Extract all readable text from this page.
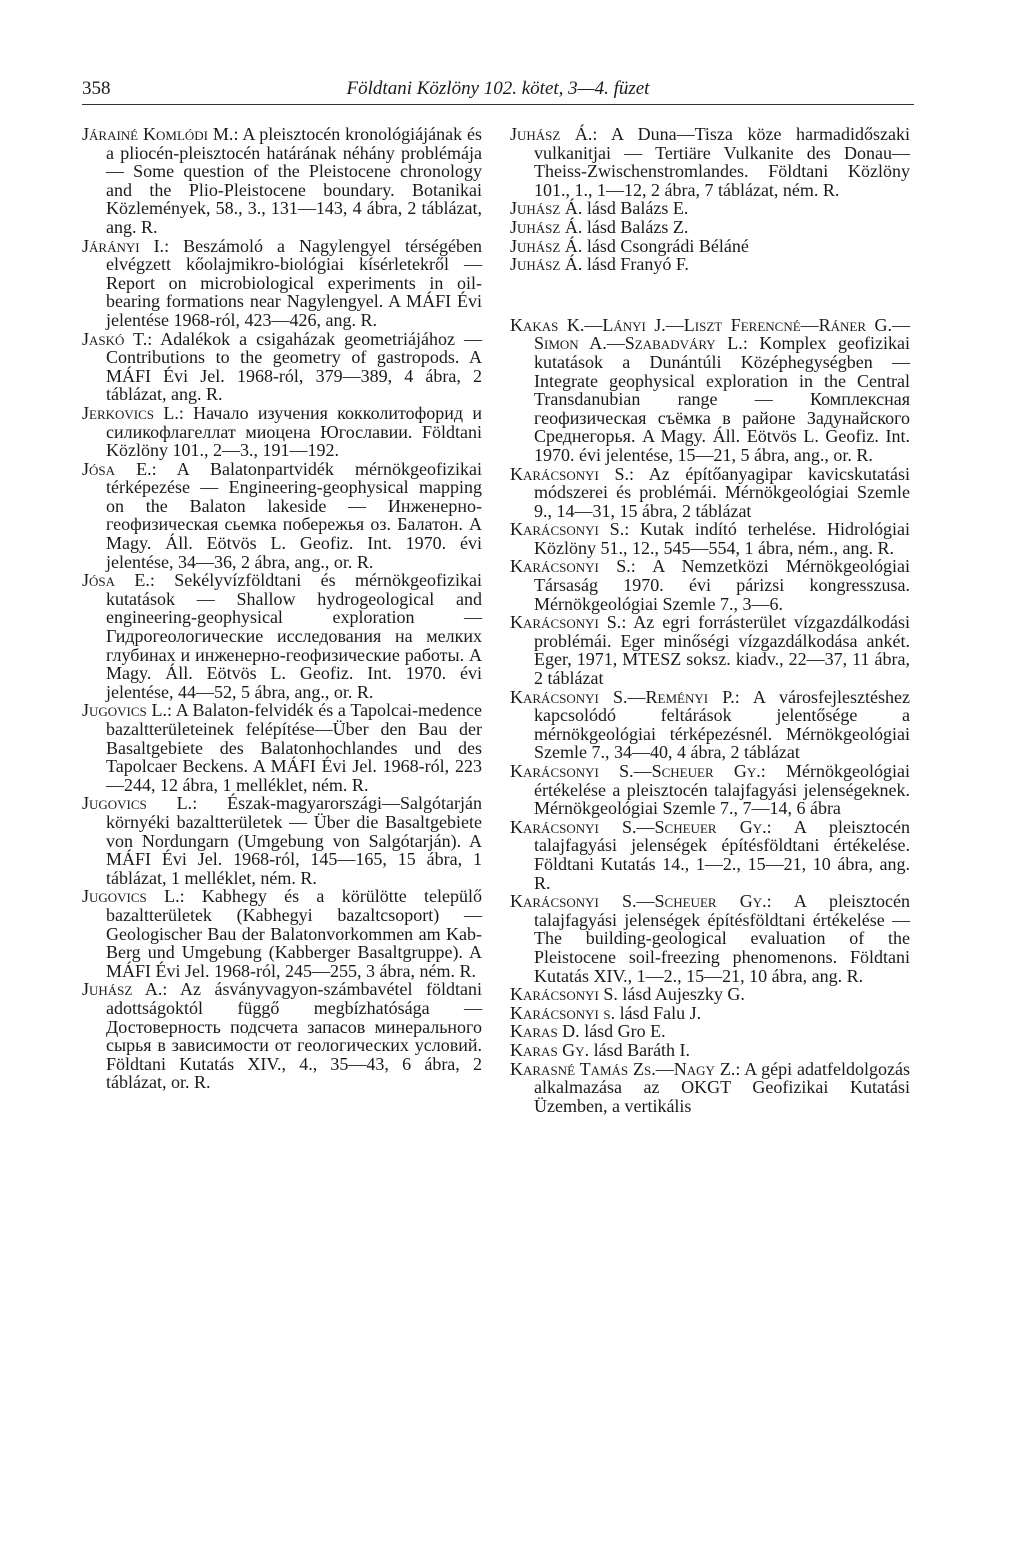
358	Földtani Közlöny 102. kötet, 3—4. füzet

Járainé Komlódi M.: A pleisztocén kronológiájának és a pliocén-pleisztocén határának néhány problémája — Some question of the Pleistocene chronology and the Plio-Pleistocene boundary. Botanikai Közlemények, 58., 3., 131—143, 4 ábra, 2 táblázat, ang. R.

Járányi I.: Beszámoló a Nagylengyel térségében elvégzett kőolajmikro-biológiai kísérletekről — Report on microbiological experiments in oil-bearing formations near Nagylengyel. A MÁFI Évi jelentése 1968-ról, 423—426, ang. R.

Jaskó T.: Adalékok a csigaházak geometriájához — Contributions to the geometry of gastropods. A MÁFI Évi Jel. 1968-ról, 379—389, 4 ábra, 2 táblázat, ang. R.

Jerkovics L.: Начало изучения кокколитофорид и силикофлагеллат миоцена Югославии. Földtani Közlöny 101., 2—3., 191—192.

Jósa E.: A Balatonpartvidék mérnökgeofizikai térképezése — Engineering-geophysical mapping on the Balaton lakeside — Инженерно-геофизическая сьемка побережья оз. Балатон. A Magy. Áll. Eötvös L. Geofiz. Int. 1970. évi jelentése, 34—36, 2 ábra, ang., or. R.

Jósa E.: Sekélyvízföldtani és mérnökgeofizikai kutatások — Shallow hydrogeological and engineering-geophysical exploration — Гидрогеологические исследования на мелких глубинах и инженерно-геофизические работы. A Magy. Áll. Eötvös L. Geofiz. Int. 1970. évi jelentése, 44—52, 5 ábra, ang., or. R.

Jugovics L.: A Balaton-felvidék és a Tapolcai-medence bazaltterületeinek felépítése—Über den Bau der Basaltgebiete des Balatonhochlandes und des Tapolcaer Beckens. A MÁFI Évi Jel. 1968-ról, 223—244, 12 ábra, 1 melléklet, ném. R.

Jugovics L.: Észak-magyarországi—Salgótarján környéki bazaltterületek — Über die Basaltgebiete von Nordungarn (Umgebung von Salgótarján). A MÁFI Évi Jel. 1968-ról, 145—165, 15 ábra, 1 táblázat, 1 melléklet, ném. R.

Jugovics L.: Kabhegy és a körülötte települő bazaltterületek (Kabhegyi bazaltcsoport) — Geologischer Bau der Balatonvorkommen am Kab-Berg und Umgebung (Kabberger Basaltgruppe). A MÁFI Évi Jel. 1968-ról, 245—255, 3 ábra, ném. R.

Juhász A.: Az ásványvagyon-számbavétel földtani adottságoktól függő megbízhatósága — Достоверность подсчета запасов минерального сырья в зависимости от геологических условий. Földtani Kutatás XIV., 4., 35—43, 6 ábra, 2 táblázat, or. R.

Juhász Á.: A Duna—Tisza köze harmadidőszaki vulkanitjai — Tertiäre Vulkanite des Donau—Theiss-Zwischenstromlandes. Földtani Közlöny 101., 1., 1—12, 2 ábra, 7 táblázat, ném. R.

Juhász Á. lásd Balázs E.

Juhász Á. lásd Balázs Z.

Juhász Á. lásd Csongrádi Béláné

Juhász Á. lásd Franyó F.

Kakas K.—Lányi J.—Liszt Ferencné—Ráner G.—Simon A.—Szabadváry L.: Komplex geofizikai kutatások a Dunántúli Középhegységben — Integrate geophysical exploration in the Central Transdanubian range — Комплексная геофизическая съёмка в районе Задунайского Среднегорья. A Magy. Áll. Eötvös L. Geofiz. Int. 1970. évi jelentése, 15—21, 5 ábra, ang., or. R.

Karácsonyi S.: Az építőanyagipar kavicskutatási módszerei és problémái. Mérnökgeológiai Szemle 9., 14—31, 15 ábra, 2 táblázat

Karácsonyi S.: Kutak indító terhelése. Hidrológiai Közlöny 51., 12., 545—554, 1 ábra, ném., ang. R.

Karácsonyi S.: A Nemzetközi Mérnökgeológiai Társaság 1970. évi párizsi kongresszusa. Mérnökgeológiai Szemle 7., 3—6.

Karácsonyi S.: Az egri forrásterület vízgazdálkodási problémái. Eger minőségi vízgazdálkodása ankét. Eger, 1971, MTESZ soksz. kiadv., 22—37, 11 ábra, 2 táblázat

Karácsonyi S.—Reményi P.: A városfejlesztéshez kapcsolódó feltárások jelentősége a mérnökgeológiai térképezésnél. Mérnökgeológiai Szemle 7., 34—40, 4 ábra, 2 táblázat

Karácsonyi S.—Scheuer Gy.: Mérnökgeológiai értékelése a pleisztocén talajfagyási jelenségeknek. Mérnökgeológiai Szemle 7., 7—14, 6 ábra

Karácsonyi S.—Scheuer Gy.: A pleisztocén talajfagyási jelenségek építésföldtani értékelése. Földtani Kutatás 14., 1—2., 15—21, 10 ábra, ang. R.

Karácsonyi S.—Scheuer Gy.: A pleisztocén talajfagyási jelenségek építésföldtani értékelése — The building-geological evaluation of the Pleistocene soil-freezing phenomenons. Földtani Kutatás XIV., 1—2., 15—21, 10 ábra, ang. R.

Karácsonyi S. lásd Aujeszky G.

Karácsonyi s. lásd Falu J.

Karas D. lásd Gro E.

Karas Gy. lásd Baráth I.

Karasné Tamás Zs.—Nagy Z.: A gépi adatfeldolgozás alkalmazása az OKGT Geofizikai Kutatási Üzemben, a vertikális
